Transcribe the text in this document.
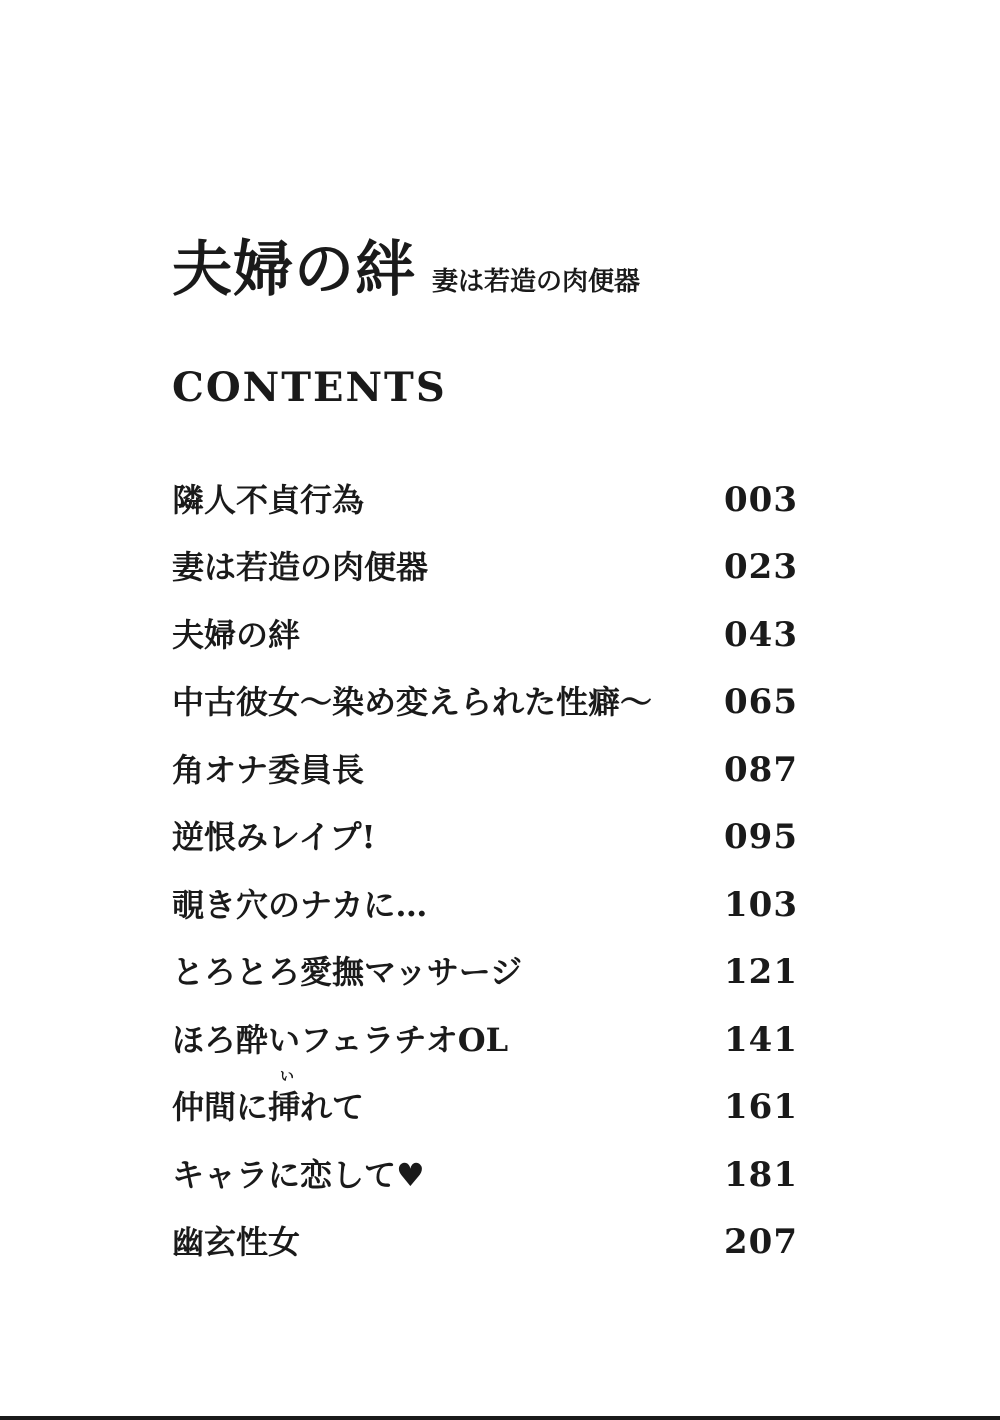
夫婦の絆 妻は若造の肉便器
CONTENTS
隣人不貞行為	003
妻は若造の肉便器	023
夫婦の絆	043
中古彼女～染め変えられた性癖～ 065
角オナ委員長	087
逆恨みレイプ!	095
覗き穴のナカに…	103
とろとろ愛撫マッサージ	121
ほろ酔いフェラチオOL	141
い
仲間に挿れて	161
キャラに恋して♥	181
幽玄性女	207
